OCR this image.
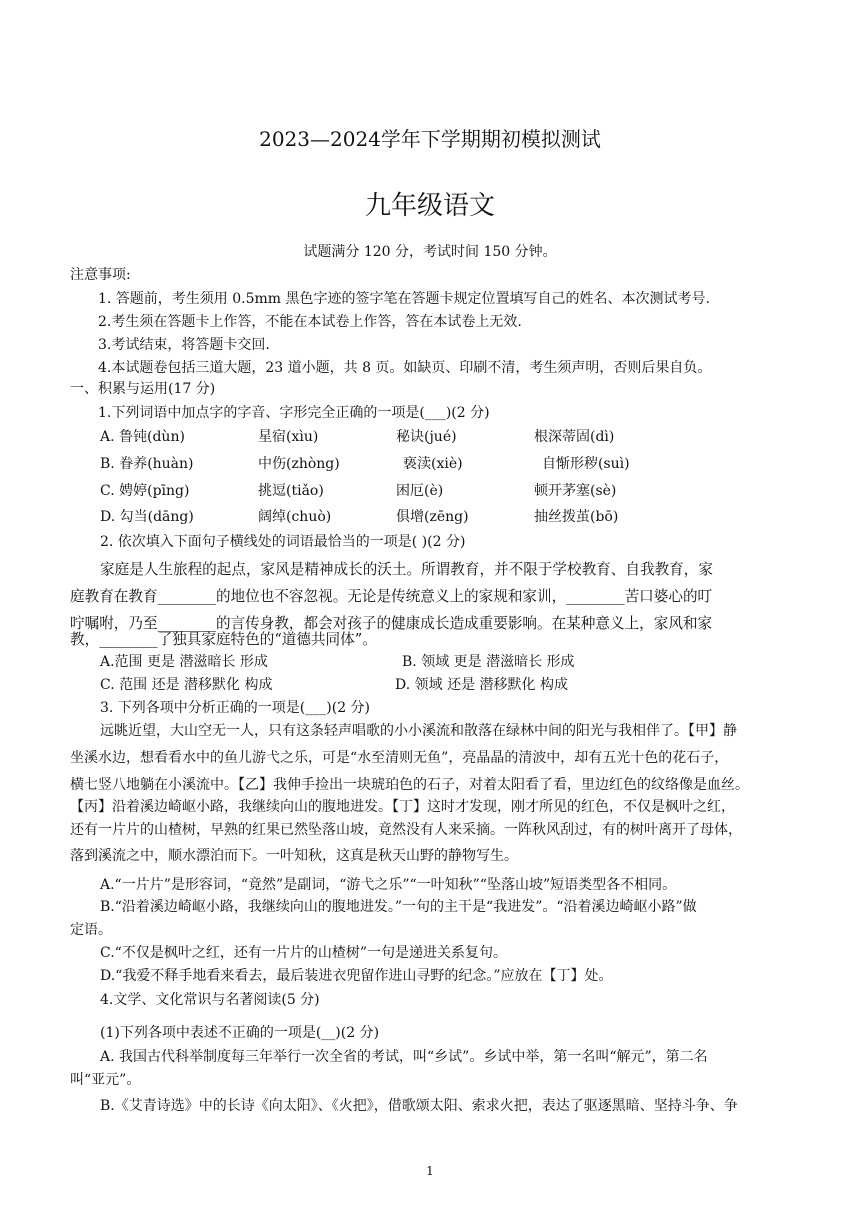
2023—2024学年下学期期初模拟测试
九年级语文
试题满分 120 分，考试时间 150 分钟。
注意事项:
1. 答题前，考生须用 0.5mm 黑色字迹的签字笔在答题卡规定位置填写自己的姓名、本次测试考号.
2.考生须在答题卡上作答，不能在本试卷上作答，答在本试卷上无效.
3.考试结束，将答题卡交回.
4.本试题卷包括三道大题，23 道小题，共 8 页。如缺页、印刷不清，考生须声明，否则后果自负。
一、积累与运用(17 分)
1.下列词语中加点字的字音、字形完全正确的一项是(___)(2 分)
A. 鲁钝(dùn)	星宿(xìu)	秘诀(jué)	根深蒂固(dì)
B. 眷养(huàn)	中伤(zhòng)	亵渎(xiè)	自惭形秽(suì)
C. 娉婷(pīng)	挑逗(tiǎo)	困厄(è)	顿开茅塞(sè)
D. 勾当(dāng)	阔绰(chuò)	俱增(zēng)	抽丝拨茧(bō)
2. 依次填入下面句子横线处的词语最恰当的一项是( )(2 分)
家庭是人生旅程的起点，家风是精神成长的沃土。所谓教育，并不限于学校教育、自我教育，家
庭教育在教育________的地位也不容忽视。无论是传统意义上的家规和家训，________苦口婆心的叮
咛嘱咐，乃至________的言传身教，都会对孩子的健康成长造成重要影响。在某种意义上，家风和家
教，________了独具家庭特色的“道德共同体”。
A.范围 更是 潜滋暗长 形成	B. 领域 更是 潜滋暗长 形成
C. 范围 还是 潜移默化 构成	D. 领域 还是 潜移默化 构成
3. 下列各项中分析正确的一项是(___)(2 分)
远眺近望，大山空无一人，只有这条轻声唱歌的小小溪流和散落在绿林中间的阳光与我相伴了。【甲】静
坐溪水边，想看看水中的鱼儿游弋之乐，可是“水至清则无鱼”，亮晶晶的清波中，却有五光十色的花石子，
横七竖八地躺在小溪流中。【乙】我伸手捡出一块琥珀色的石子，对着太阳看了看，里边红色的纹络像是血丝。
【丙】沿着溪边崎岖小路，我继续向山的腹地进发。【丁】这时才发现，刚才所见的红色，不仅是枫叶之红，
还有一片片的山楂树，早熟的红果已然坠落山坡，竟然没有人来采摘。一阵秋风刮过，有的树叶离开了母体，
落到溪流之中，顺水漂泊而下。一叶知秋，这真是秋天山野的静物写生。
A.“一片片”是形容词，“竟然”是副词，“游弋之乐”“一叶知秋”“坠落山坡”短语类型各不相同。
B.“沿着溪边崎岖小路，我继续向山的腹地进发。”一句的主干是“我进发”。“沿着溪边崎岖小路”做
定语。
C.“不仅是枫叶之红，还有一片片的山楂树”一句是递进关系复句。
D.“我爱不释手地看来看去，最后装进衣兜留作进山寻野的纪念。”应放在【丁】处。
4.文学、文化常识与名著阅读(5 分)
(1)下列各项中表述不正确的一项是(__)(2 分)
A. 我国古代科举制度每三年举行一次全省的考试，叫“乡试”。乡试中举，第一名叫“解元”，第二名
叫“亚元”。
B.《艾青诗选》中的长诗《向太阳》、《火把》，借歌颂太阳、索求火把，表达了驱逐黑暗、坚持斗争、争
1
